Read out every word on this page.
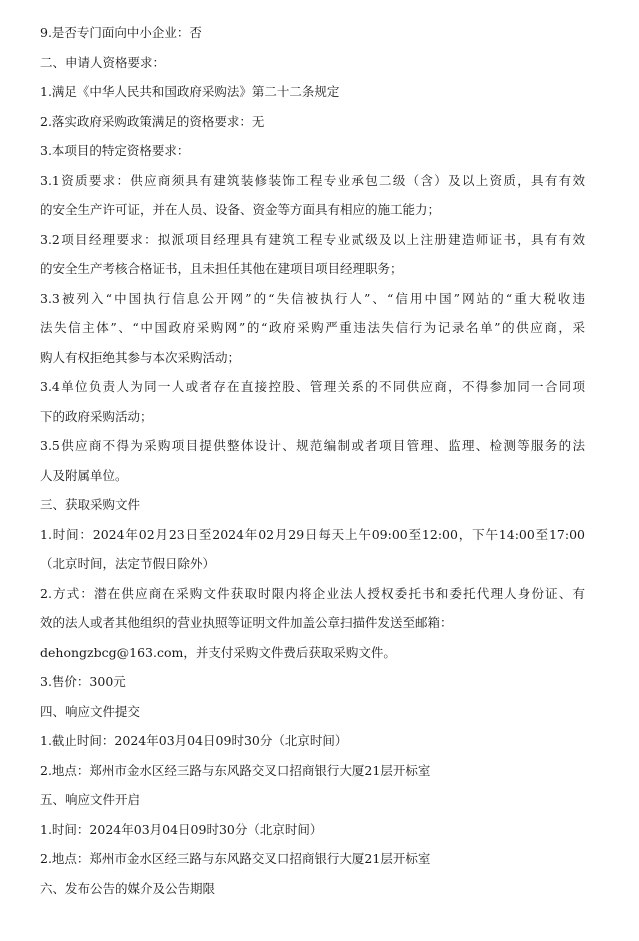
9.是否专门面向中小企业：否
二、申请人资格要求：
1.满足《中华人民共和国政府采购法》第二十二条规定
2.落实政府采购政策满足的资格要求：无
3.本项目的特定资格要求：
3.1资质要求：供应商须具有建筑装修装饰工程专业承包二级（含）及以上资质，具有有效
的安全生产许可证，并在人员、设备、资金等方面具有相应的施工能力；
3.2项目经理要求：拟派项目经理具有建筑工程专业贰级及以上注册建造师证书，具有有效
的安全生产考核合格证书，且未担任其他在建项目项目经理职务；
3.3被列入“中国执行信息公开网”的“失信被执行人”、“信用中国”网站的“重大税收违
法失信主体”、“中国政府采购网”的“政府采购严重违法失信行为记录名单”的供应商，采
购人有权拒绝其参与本次采购活动；
3.4单位负责人为同一人或者存在直接控股、管理关系的不同供应商，不得参加同一合同项
下的政府采购活动；
3.5供应商不得为采购项目提供整体设计、规范编制或者项目管理、监理、检测等服务的法
人及附属单位。
三、获取采购文件
1.时间：2024年02月23日至2024年02月29日每天上午09:00至12:00，下午14:00至17:00
（北京时间，法定节假日除外）
2.方式：潜在供应商在采购文件获取时限内将企业法人授权委托书和委托代理人身份证、有
效的法人或者其他组织的营业执照等证明文件加盖公章扫描件发送至邮箱：
dehongzbcg@163.com，并支付采购文件费后获取采购文件。
3.售价：300元
四、响应文件提交
1.截止时间：2024年03月04日09时30分（北京时间）
2.地点：郑州市金水区经三路与东风路交叉口招商银行大厦21层开标室
五、响应文件开启
1.时间：2024年03月04日09时30分（北京时间）
2.地点：郑州市金水区经三路与东风路交叉口招商银行大厦21层开标室
六、发布公告的媒介及公告期限
